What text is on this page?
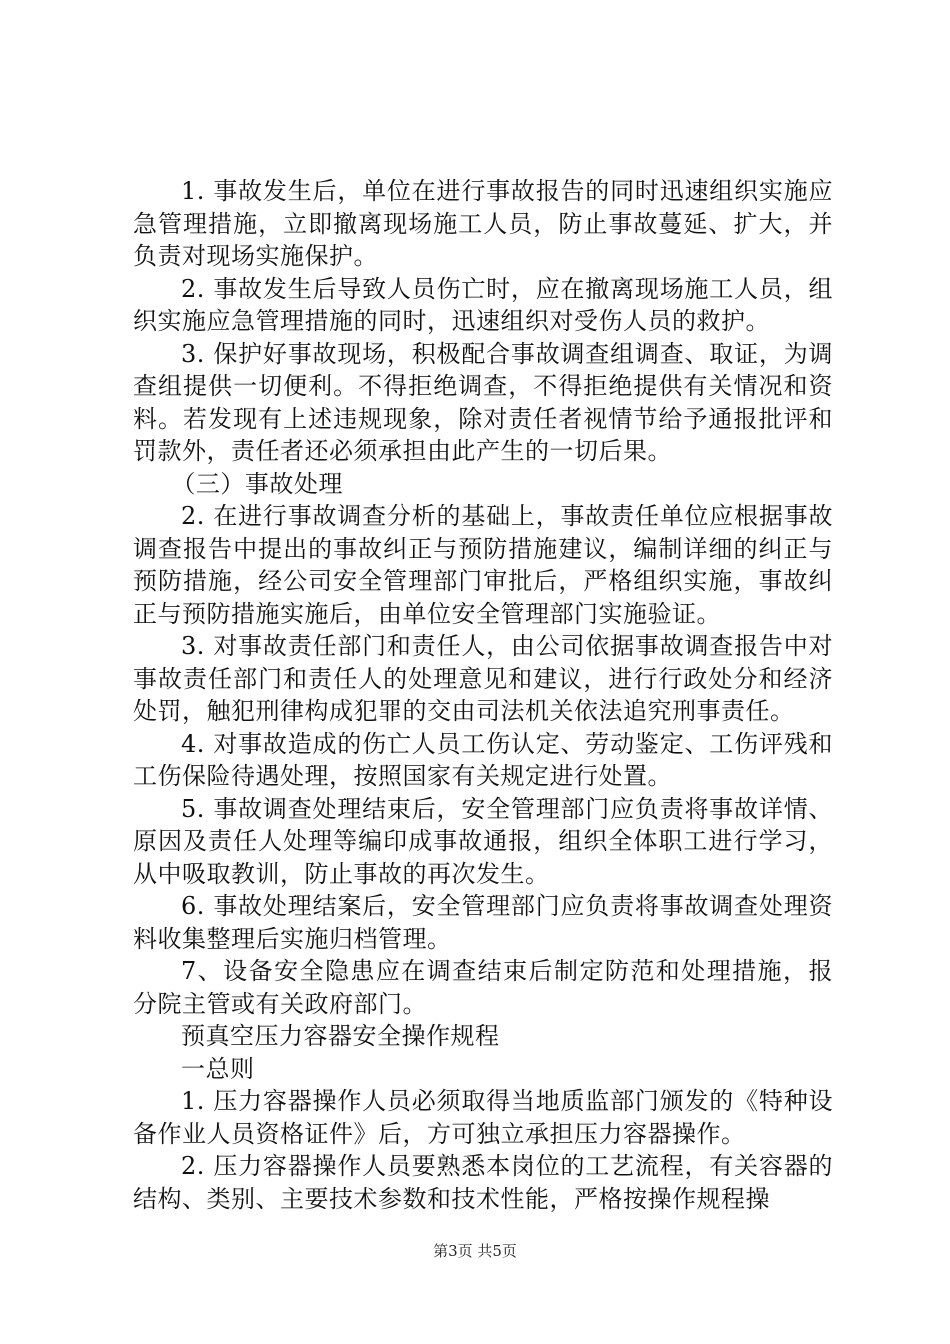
1. 事故发生后，单位在进行事故报告的同时迅速组织实施应急管理措施，立即撤离现场施工人员，防止事故蔓延、扩大，并负责对现场实施保护。

2. 事故发生后导致人员伤亡时，应在撤离现场施工人员，组织实施应急管理措施的同时，迅速组织对受伤人员的救护。

3. 保护好事故现场，积极配合事故调查组调查、取证，为调查组提供一切便利。不得拒绝调查，不得拒绝提供有关情况和资料。若发现有上述违规现象，除对责任者视情节给予通报批评和罚款外，责任者还必须承担由此产生的一切后果。

（三）事故处理

2. 在进行事故调查分析的基础上，事故责任单位应根据事故调查报告中提出的事故纠正与预防措施建议，编制详细的纠正与预防措施，经公司安全管理部门审批后，严格组织实施，事故纠正与预防措施实施后，由单位安全管理部门实施验证。

3. 对事故责任部门和责任人，由公司依据事故调查报告中对事故责任部门和责任人的处理意见和建议，进行行政处分和经济处罚，触犯刑律构成犯罪的交由司法机关依法追究刑事责任。

4. 对事故造成的伤亡人员工伤认定、劳动鉴定、工伤评残和工伤保险待遇处理，按照国家有关规定进行处置。

5. 事故调查处理结束后，安全管理部门应负责将事故详情、原因及责任人处理等编印成事故通报，组织全体职工进行学习，从中吸取教训，防止事故的再次发生。

6. 事故处理结案后，安全管理部门应负责将事故调查处理资料收集整理后实施归档管理。

7、设备安全隐患应在调查结束后制定防范和处理措施，报分院主管或有关政府部门。

预真空压力容器安全操作规程

一总则

1. 压力容器操作人员必须取得当地质监部门颁发的《特种设备作业人员资格证件》后，方可独立承担压力容器操作。

2. 压力容器操作人员要熟悉本岗位的工艺流程，有关容器的结构、类别、主要技术参数和技术性能，严格按操作规程操

第3页 共5页
